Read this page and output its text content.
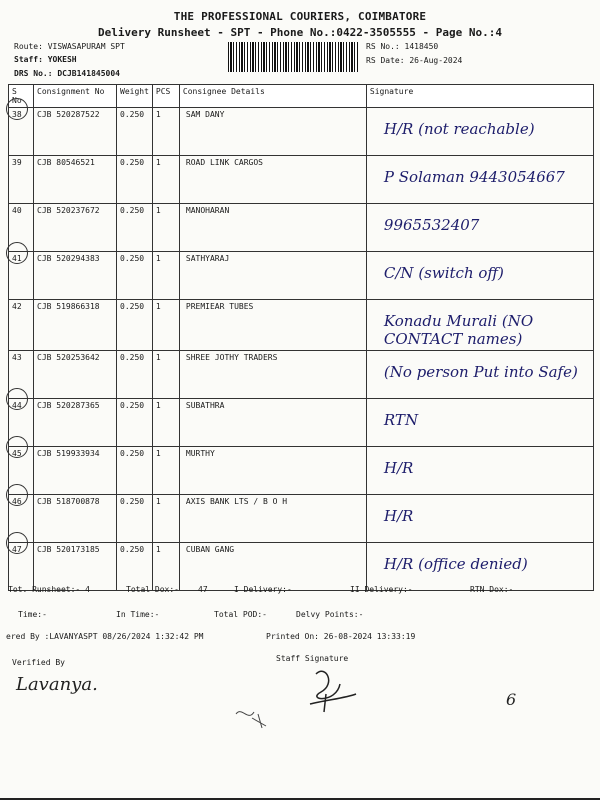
THE PROFESSIONAL COURIERS, COIMBATORE
Delivery Runsheet - SPT - Phone No.:0422-3505555 - Page No.:4
Route: VISWASAPURAM SPT
Staff: YOKESH
DRS No.: DCJB141845004
RS No.: 1418450
RS Date: 26-Aug-2024
S No	Consignment No	Weight	PCS	Consignee Details	Signature
38	CJB 520287522	0.250	1	SAM DANY	H/R (not reachable)

39	CJB 80546521	0.250	1	ROAD LINK CARGOS	P Solaman 9443054667

40	CJB 520237672	0.250	1	MANOHARAN	9965532407

41	CJB 520294383	0.250	1	SATHYARAJ	C/N (switch off)

42	CJB 519866318	0.250	1	PREMIEAR TUBES	Konadu Murali (NO CONTACT names)

43	CJB 520253642	0.250	1	SHREE JOTHY TRADERS	(No person Put into Safe)

44	CJB 520287365	0.250	1	SUBATHRA	RTN

45	CJB 519933934	0.250	1	MURTHY	H/R

46	CJB 518700878	0.250	1	AXIS BANK LTS / B O H	H/R

47	CJB 520173185	0.250	1	CUBAN GANG	H/R (office denied)
Tot. Runsheet:- 4	Total Dox:- 47	I Delivery:-	II Delivery:-	RTN Dox:-
Time:-	In Time:-	Total POD:-	Delvy Points:-
ered By :LAVANYASPT 08/26/2024 1:32:42 PM	Printed On: 26-08-2024 13:33:19
Verified By	Staff Signature
Lavanya.
6
